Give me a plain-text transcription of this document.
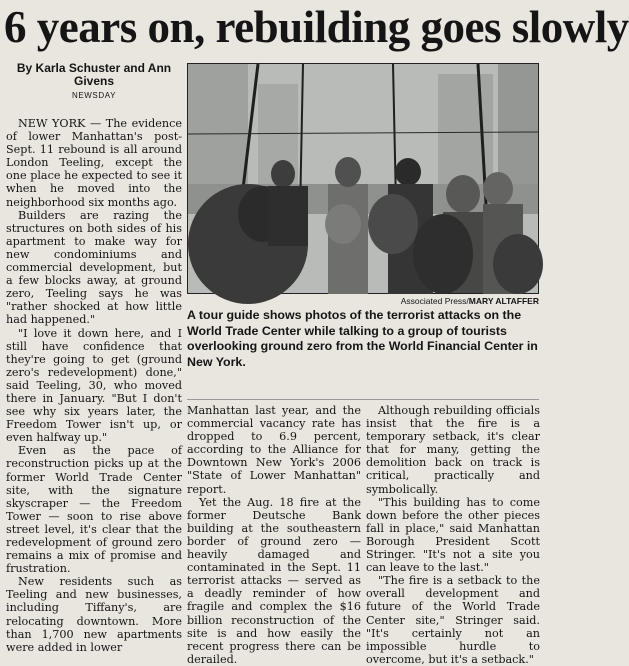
6 years on, rebuilding goes slowly
By Karla Schuster and Ann Givens
NEWSDAY
Associated Press/MARY ALTAFFER
A tour guide shows photos of the terrorist attacks on the World Trade Center while talking to a group of tourists overlooking ground zero from the World Financial Center in New York.

NEW YORK — The evidence of lower Manhattan's post-Sept. 11 rebound is all around London Teeling, except the one place he expected to see it when he moved into the neighborhood six months ago.

Builders are razing the structures on both sides of his apartment to make way for new condominiums and commercial development, but a few blocks away, at ground zero, Teeling says he was "rather shocked at how little had happened."

"I love it down here, and I still have confidence that they're going to get (ground zero's redevelopment) done," said Teeling, 30, who moved there in January. "But I don't see why six years later, the Freedom Tower isn't up, or even halfway up."

Even as the pace of reconstruction picks up at the former World Trade Center site, with the signature skyscraper — the Freedom Tower — soon to rise above street level, it's clear that the redevelopment of ground zero remains a mix of promise and frustration.

New residents such as Teeling and new businesses, including Tiffany's, are relocating downtown. More than 1,700 new apartments were added in lower

Manhattan last year, and the commercial vacancy rate has dropped to 6.9 percent, according to the Alliance for Downtown New York's 2006 "State of Lower Manhattan" report.

Yet the Aug. 18 fire at the former Deutsche Bank building at the southeastern border of ground zero — heavily damaged and contaminated in the Sept. 11 terrorist attacks — served as a deadly reminder of how fragile and complex the $16 billion reconstruction of the site is and how easily the recent progress there can be derailed.

Although rebuilding officials insist that the fire is a temporary setback, it's clear that for many, getting the demolition back on track is critical, practically and symbolically.

"This building has to come down before the other pieces fall in place," said Manhattan Borough President Scott Stringer. "It's not a site you can leave to the last."

"The fire is a setback to the overall development and future of the World Trade Center site," Stringer said. "It's certainly not an impossible hurdle to overcome, but it's a setback."
